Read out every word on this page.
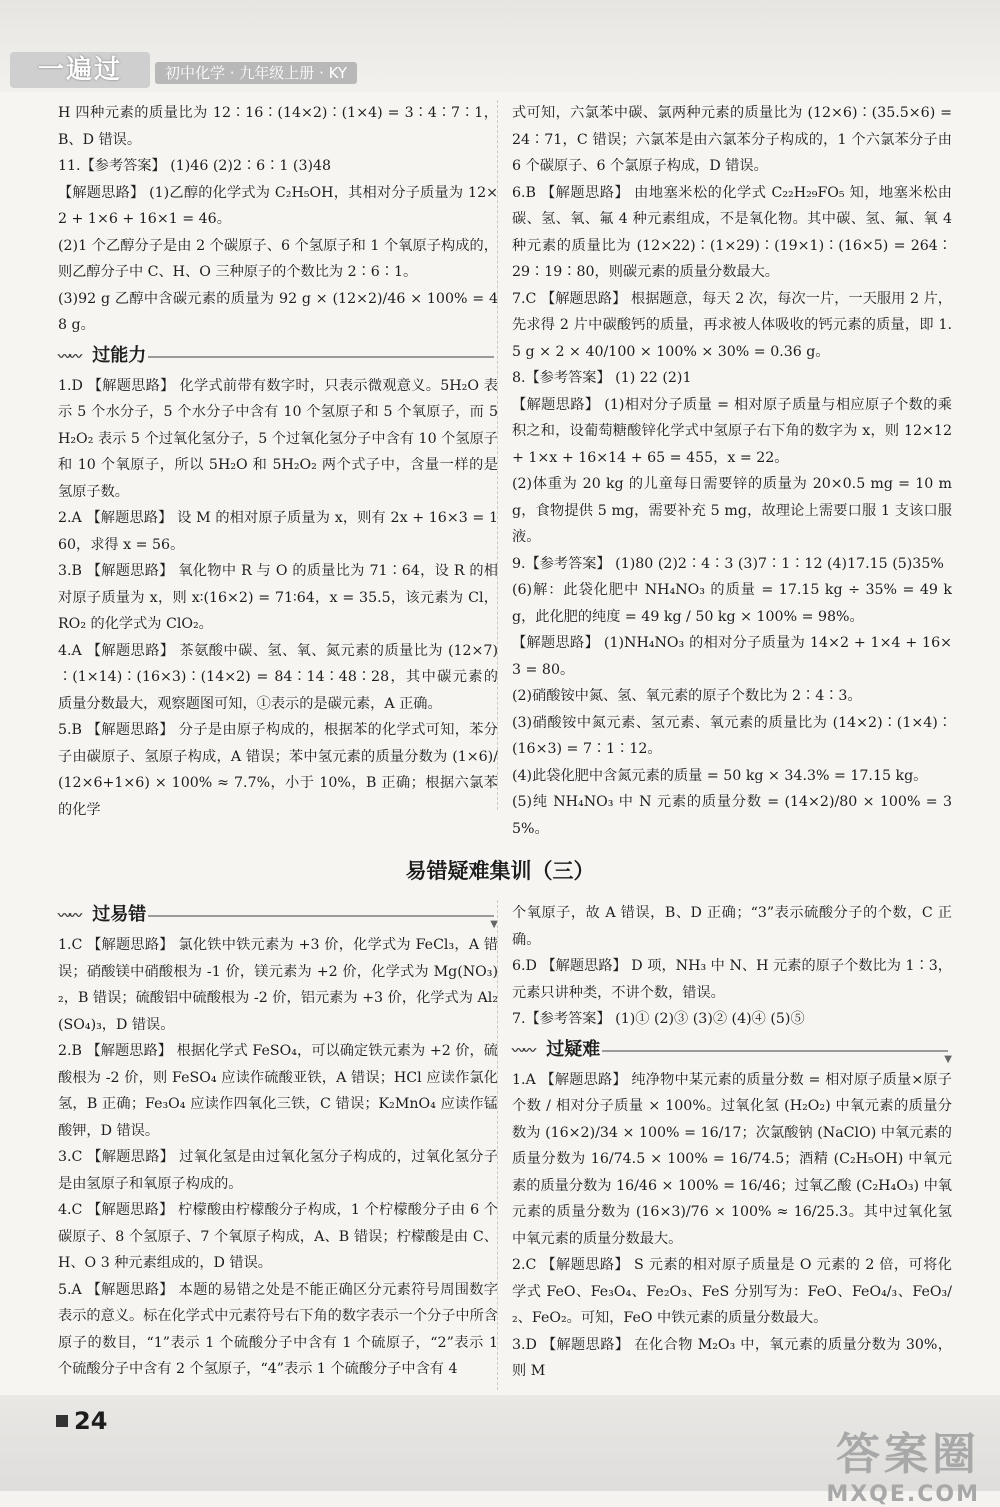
一遍过	初中化学 · 九年级上册 · KY

H 四种元素的质量比为 12∶16∶(14×2)∶(1×4) = 3∶4∶7∶1，B、D 错误。

11.【参考答案】 (1)46 (2)2∶6∶1 (3)48

【解题思路】 (1)乙醇的化学式为 C₂H₅OH，其相对分子质量为 12×2 + 1×6 + 16×1 = 46。

(2)1 个乙醇分子是由 2 个碳原子、6 个氢原子和 1 个氧原子构成的，则乙醇分子中 C、H、O 三种原子的个数比为 2∶6∶1。

(3)92 g 乙醇中含碳元素的质量为 92 g × (12×2)/46 × 100% = 48 g。

〰〰 过能力

1.D 【解题思路】 化学式前带有数字时，只表示微观意义。5H₂O 表示 5 个水分子，5 个水分子中含有 10 个氢原子和 5 个氧原子，而 5H₂O₂ 表示 5 个过氧化氢分子，5 个过氧化氢分子中含有 10 个氢原子和 10 个氧原子，所以 5H₂O 和 5H₂O₂ 两个式子中，含量一样的是氢原子数。

2.A 【解题思路】 设 M 的相对原子质量为 x，则有 2x + 16×3 = 160，求得 x = 56。

3.B 【解题思路】 氧化物中 R 与 O 的质量比为 71∶64，设 R 的相对原子质量为 x，则 x∶(16×2) = 71∶64，x = 35.5，该元素为 Cl，RO₂ 的化学式为 ClO₂。

4.A 【解题思路】 茶氨酸中碳、氢、氧、氮元素的质量比为 (12×7)∶(1×14)∶(16×3)∶(14×2) = 84∶14∶48∶28，其中碳元素的质量分数最大，观察题图可知，①表示的是碳元素，A 正确。

5.B 【解题思路】 分子是由原子构成的，根据苯的化学式可知，苯分子由碳原子、氢原子构成，A 错误；苯中氢元素的质量分数为 (1×6)/(12×6+1×6) × 100% ≈ 7.7%，小于 10%，B 正确；根据六氯苯的化学

式可知，六氯苯中碳、氯两种元素的质量比为 (12×6)∶(35.5×6) = 24∶71，C 错误；六氯苯是由六氯苯分子构成的，1 个六氯苯分子由 6 个碳原子、6 个氯原子构成，D 错误。

6.B 【解题思路】 由地塞米松的化学式 C₂₂H₂₉FO₅ 知，地塞米松由碳、氢、氧、氟 4 种元素组成，不是氧化物。其中碳、氢、氟、氧 4 种元素的质量比为 (12×22)∶(1×29)∶(19×1)∶(16×5) = 264∶29∶19∶80，则碳元素的质量分数最大。

7.C 【解题思路】 根据题意，每天 2 次，每次一片，一天服用 2 片，先求得 2 片中碳酸钙的质量，再求被人体吸收的钙元素的质量，即 1.5 g × 2 × 40/100 × 100% × 30% = 0.36 g。

8.【参考答案】 (1) 22 (2)1

【解题思路】 (1)相对分子质量 = 相对原子质量与相应原子个数的乘积之和，设葡萄糖酸锌化学式中氢原子右下角的数字为 x，则 12×12 + 1×x + 16×14 + 65 = 455，x = 22。

(2)体重为 20 kg 的儿童每日需要锌的质量为 20×0.5 mg = 10 mg，食物提供 5 mg，需要补充 5 mg，故理论上需要口服 1 支该口服液。

9.【参考答案】 (1)80 (2)2∶4∶3 (3)7∶1∶12 (4)17.15 (5)35%

(6)解：此袋化肥中 NH₄NO₃ 的质量 = 17.15 kg ÷ 35% = 49 kg，此化肥的纯度 = 49 kg / 50 kg × 100% = 98%。

【解题思路】 (1)NH₄NO₃ 的相对分子质量为 14×2 + 1×4 + 16×3 = 80。

(2)硝酸铵中氮、氢、氧元素的原子个数比为 2∶4∶3。

(3)硝酸铵中氮元素、氢元素、氧元素的质量比为 (14×2)∶(1×4)∶(16×3) = 7∶1∶12。

(4)此袋化肥中含氮元素的质量 = 50 kg × 34.3% = 17.15 kg。

(5)纯 NH₄NO₃ 中 N 元素的质量分数 = (14×2)/80 × 100% = 35%。

易错疑难集训（三）
〰〰 过易错	▼

1.C 【解题思路】 氯化铁中铁元素为 +3 价，化学式为 FeCl₃，A 错误；硝酸镁中硝酸根为 -1 价，镁元素为 +2 价，化学式为 Mg(NO₃)₂，B 错误；硫酸铝中硫酸根为 -2 价，铝元素为 +3 价，化学式为 Al₂(SO₄)₃，D 错误。

2.B 【解题思路】 根据化学式 FeSO₄，可以确定铁元素为 +2 价，硫酸根为 -2 价，则 FeSO₄ 应读作硫酸亚铁，A 错误；HCl 应读作氯化氢，B 正确；Fe₃O₄ 应读作四氧化三铁，C 错误；K₂MnO₄ 应读作锰酸钾，D 错误。

3.C 【解题思路】 过氧化氢是由过氧化氢分子构成的，过氧化氢分子是由氢原子和氧原子构成的。

4.C 【解题思路】 柠檬酸由柠檬酸分子构成，1 个柠檬酸分子由 6 个碳原子、8 个氢原子、7 个氧原子构成，A、B 错误；柠檬酸是由 C、H、O 3 种元素组成的，D 错误。

5.A 【解题思路】 本题的易错之处是不能正确区分元素符号周围数字表示的意义。标在化学式中元素符号右下角的数字表示一个分子中所含原子的数目，“1”表示 1 个硫酸分子中含有 1 个硫原子，“2”表示 1 个硫酸分子中含有 2 个氢原子，“4”表示 1 个硫酸分子中含有 4

个氧原子，故 A 错误，B、D 正确；“3”表示硫酸分子的个数，C 正确。

6.D 【解题思路】 D 项，NH₃ 中 N、H 元素的原子个数比为 1∶3，元素只讲种类，不讲个数，错误。

7.【参考答案】 (1)① (2)③ (3)② (4)④ (5)⑤

〰〰 过疑难	▼

1.A 【解题思路】 纯净物中某元素的质量分数 = 相对原子质量×原子个数 / 相对分子质量 × 100%。过氧化氢 (H₂O₂) 中氧元素的质量分数为 (16×2)/34 × 100% = 16/17；次氯酸钠 (NaClO) 中氧元素的质量分数为 16/74.5 × 100% = 16/74.5；酒精 (C₂H₅OH) 中氧元素的质量分数为 16/46 × 100% = 16/46；过氧乙酸 (C₂H₄O₃) 中氧元素的质量分数为 (16×3)/76 × 100% ≈ 16/25.3。其中过氧化氢中氧元素的质量分数最大。

2.C 【解题思路】 S 元素的相对原子质量是 O 元素的 2 倍，可将化学式 FeO、Fe₃O₄、Fe₂O₃、FeS 分别写为：FeO、FeO₄/₃、FeO₃/₂、FeO₂。可知，FeO 中铁元素的质量分数最大。

3.D 【解题思路】 在化合物 M₂O₃ 中，氧元素的质量分数为 30%，则 M

24
答案圈
MXQE.COM
